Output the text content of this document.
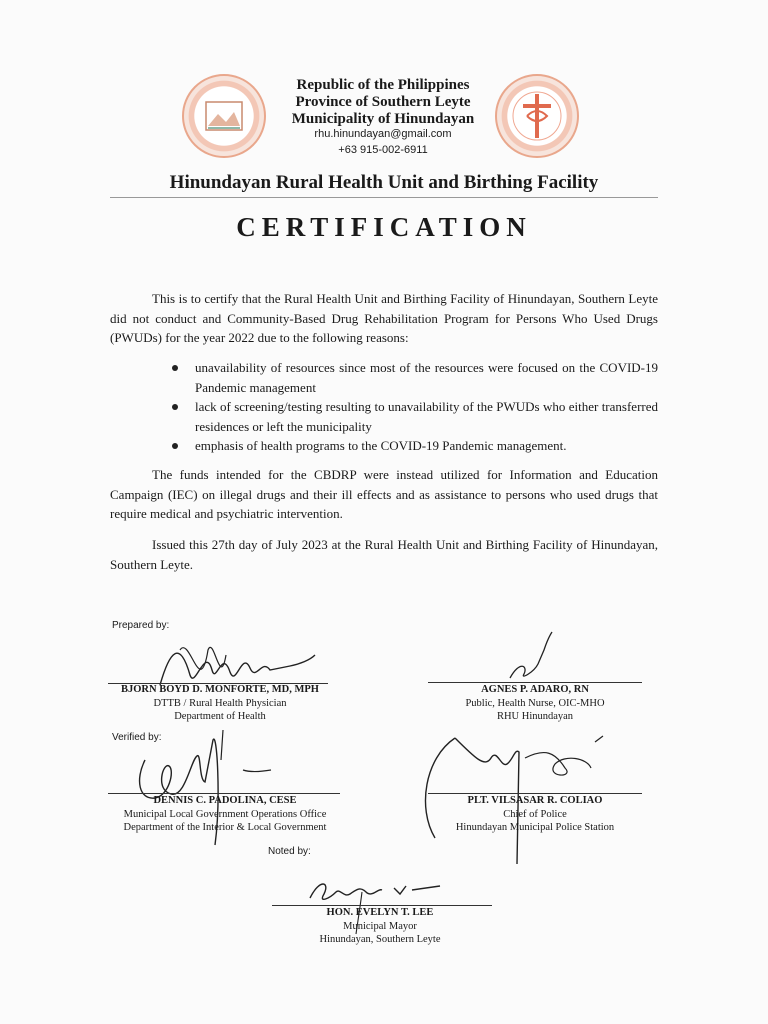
Republic of the Philippines
Province of Southern Leyte
Municipality of Hinundayan
rhu.hinundayan@gmail.com
+63 915-002-6911
Hinundayan Rural Health Unit and Birthing Facility
CERTIFICATION
This is to certify that the Rural Health Unit and Birthing Facility of Hinundayan, Southern Leyte did not conduct and Community-Based Drug Rehabilitation Program for Persons Who Used Drugs (PWUDs) for the year 2022 due to the following reasons:
unavailability of resources since most of the resources were focused on the COVID-19 Pandemic management
lack of screening/testing resulting to unavailability of the PWUDs who either transferred residences or left the municipality
emphasis of health programs to the COVID-19 Pandemic management.
The funds intended for the CBDRP were instead utilized for Information and Education Campaign (IEC) on illegal drugs and their ill effects and as assistance to persons who used drugs that require medical and psychiatric intervention.
Issued this 27th day of July 2023 at the Rural Health Unit and Birthing Facility of Hinundayan, Southern Leyte.
Prepared by:
BJORN BOYD D. MONFORTE, MD, MPH
DTTB / Rural Health Physician
Department of Health
AGNES P. ADARO, RN
Public, Health Nurse, OIC-MHO
RHU Hinundayan
Verified by:
DENNIS C. PADOLINA, CESE
Municipal Local Government Operations Office
Department of the Interior & Local Government
PLT. VILSASAR R. COLIAO
Chief of Police
Hinundayan Municipal Police Station
Noted by:
HON. EVELYN T. LEE
Municipal Mayor
Hinundayan, Southern Leyte
